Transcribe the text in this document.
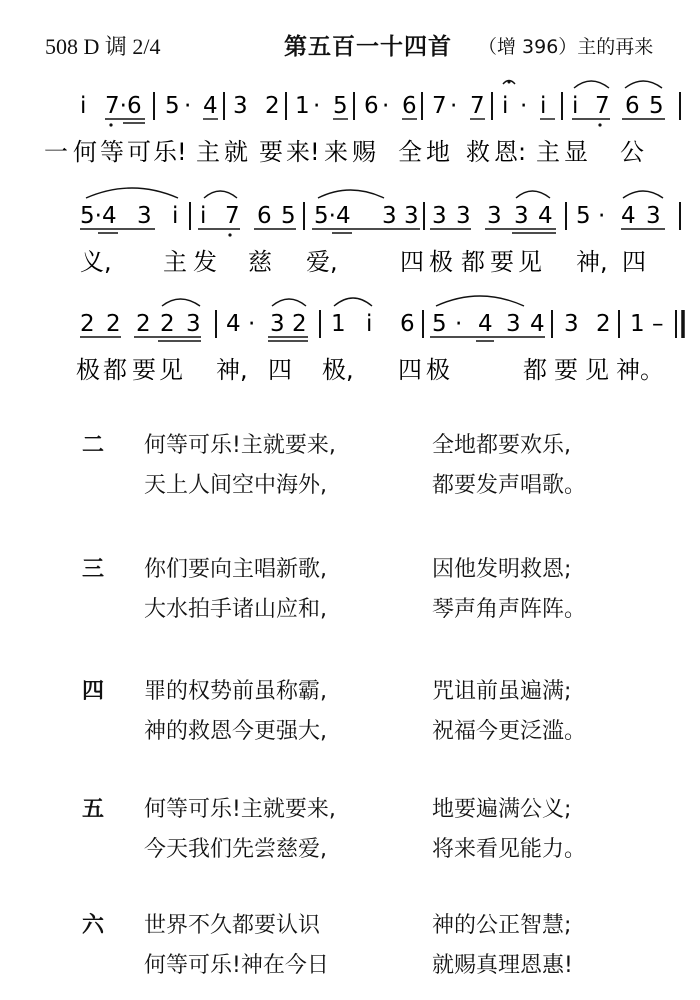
508 D 调 2/4	第五百一十四首 （增 396）主的再来
i 7·6 5 · 4 3 2 1 · 5 6 · 6 7 · 7 i · i i 7 6 5
一 何 等 可 乐! 主 就 要 来! 来 赐 全 地 救 恩: 主 显 公
5·4 3 i i 7 6 5 5·4 3 3 3 3 3 3 4 5 · 4 3
义, 主 发 慈 爱,	四 极 都 要 见 神, 四
2 2 2 2 3 4 · 3 2 1 i 6 5 · 4 3 4 3 2 1 –
极 都 要 见 神, 四 极, 四 极	都 要 见 神。
二 何等可乐!主就要来,	全地都要欢乐,
天上人间空中海外,	都要发声唱歌。
三 你们要向主唱新歌,	因他发明救恩;
大水拍手诸山应和,	琴声角声阵阵。
四 罪的权势前虽称霸,	咒诅前虽遍满;
神的救恩今更强大,	祝福今更泛滥。
五 何等可乐!主就要来,	地要遍满公义;
今天我们先尝慈爱,	将来看见能力。
六 世界不久都要认识	神的公正智慧;
何等可乐!神在今日	就赐真理恩惠!
